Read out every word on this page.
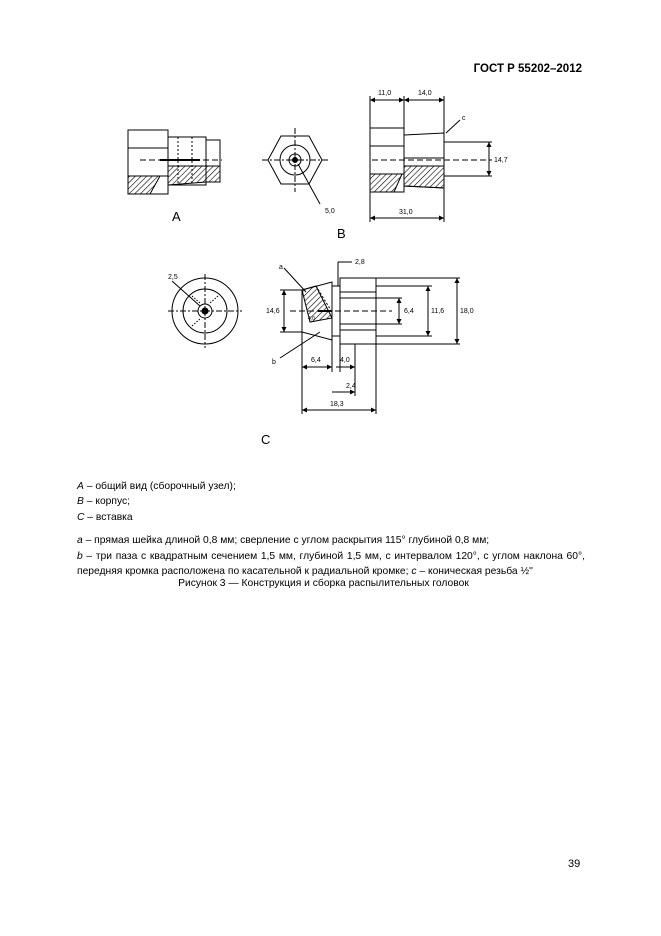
ГОСТ Р 55202–2012
A	5,0
11,0	14,0
c
14,7
31,0
B
2,5
a
2,8
14,6	6,4 11,6 18,0
4,0
b	6,4	4,0
2,4
18,3
C

A – общий вид (сборочный узел);

B – корпус;

C – вставка

a – прямая шейка длиной 0,8 мм; сверление с углом раскрытия 115° глубиной 0,8 мм;

b – три паза с квадратным сечением 1,5 мм, глубиной 1,5 мм, с интервалом 120°, с углом наклона 60°, передняя кромка расположена по касательной к радиальной кромке; c – коническая резьба ½''

Рисунок 3 — Конструкция и сборка распылительных головок
39
